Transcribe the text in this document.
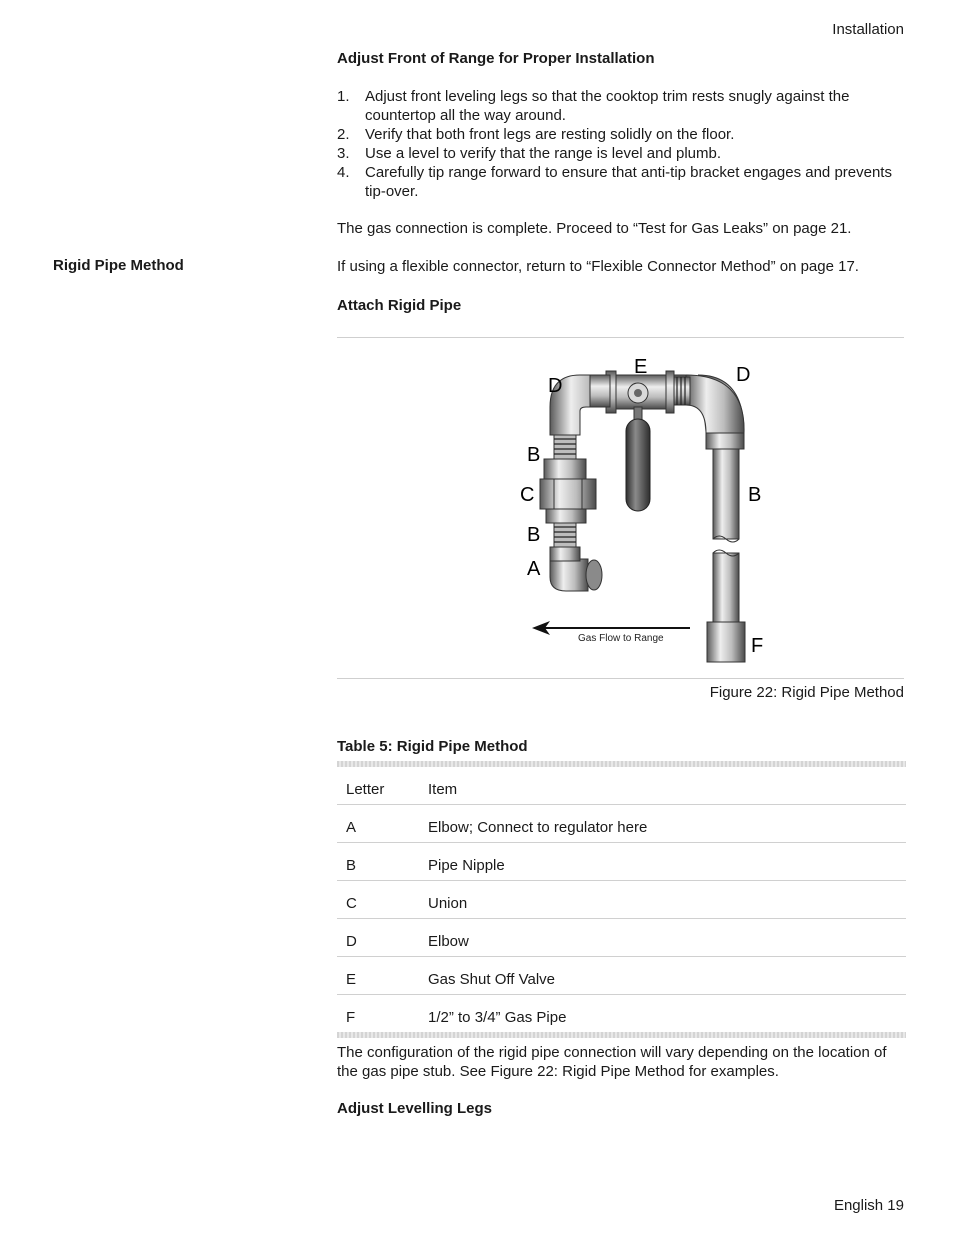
Installation
Adjust Front of Range for Proper Installation
1. Adjust front leveling legs so that the cooktop trim rests snugly against the countertop all the way around.
2. Verify that both front legs are resting solidly on the floor.
3. Use a level to verify that the range is level and plumb.
4. Carefully tip range forward to ensure that anti-tip bracket engages and prevents tip-over.
The gas connection is complete. Proceed to “Test for Gas Leaks” on page 21.
Rigid Pipe Method	If using a flexible connector, return to “Flexible Connector Method” on page 17.
Attach Rigid Pipe
Gas Flow to Range
D
E	D
B
C	B
B
A
F
Figure 22: Rigid Pipe Method
Table 5: Rigid Pipe Method
Letter	Item
A	Elbow; Connect to regulator here
B	Pipe Nipple
C	Union
D	Elbow
E	Gas Shut Off Valve
F	1/2” to 3/4” Gas Pipe
The configuration of the rigid pipe connection will vary depending on the location of the gas pipe stub. See Figure 22: Rigid Pipe Method for examples.
Adjust Levelling Legs
English 19
